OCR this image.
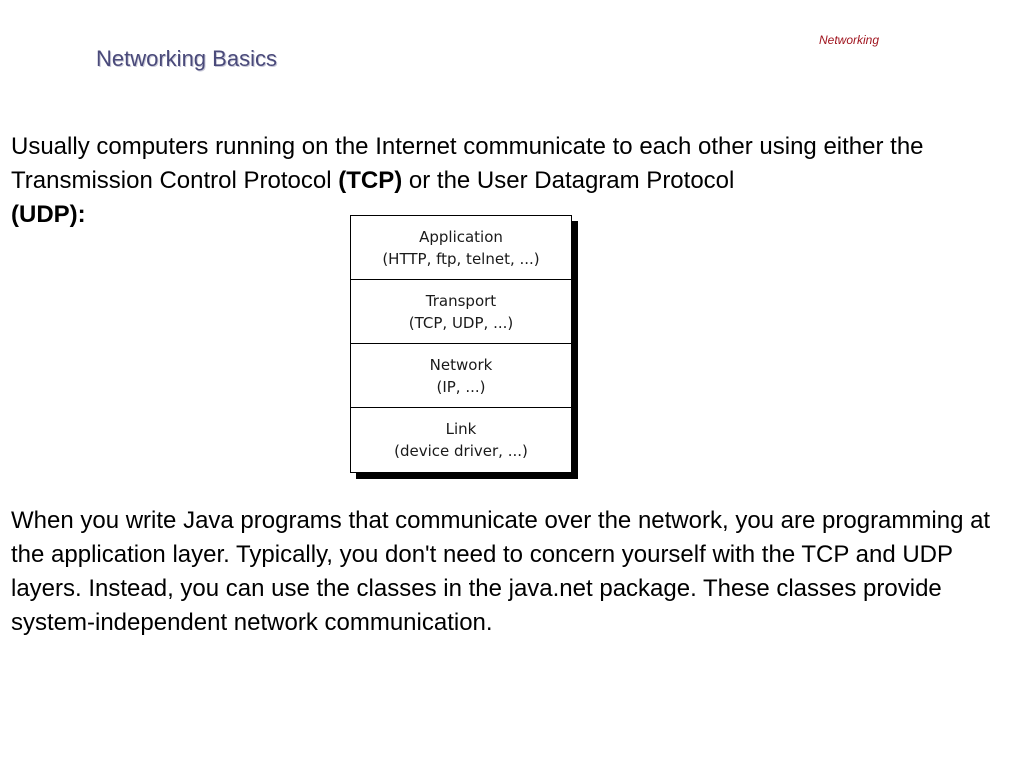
Networking
Networking Basics
Usually computers running on the Internet communicate to each other using either the Transmission Control Protocol (TCP) or the User Datagram Protocol
(UDP):
Application
(HTTP, ftp, telnet, ...)
Transport
(TCP, UDP, ...)
Network
(IP, ...)
Link
(device driver, ...)
When you write Java programs that communicate over the network, you are programming at the application layer. Typically, you don't need to concern yourself with the TCP and UDP layers. Instead, you can use the classes in the java.net package. These classes provide system-independent network communication.
